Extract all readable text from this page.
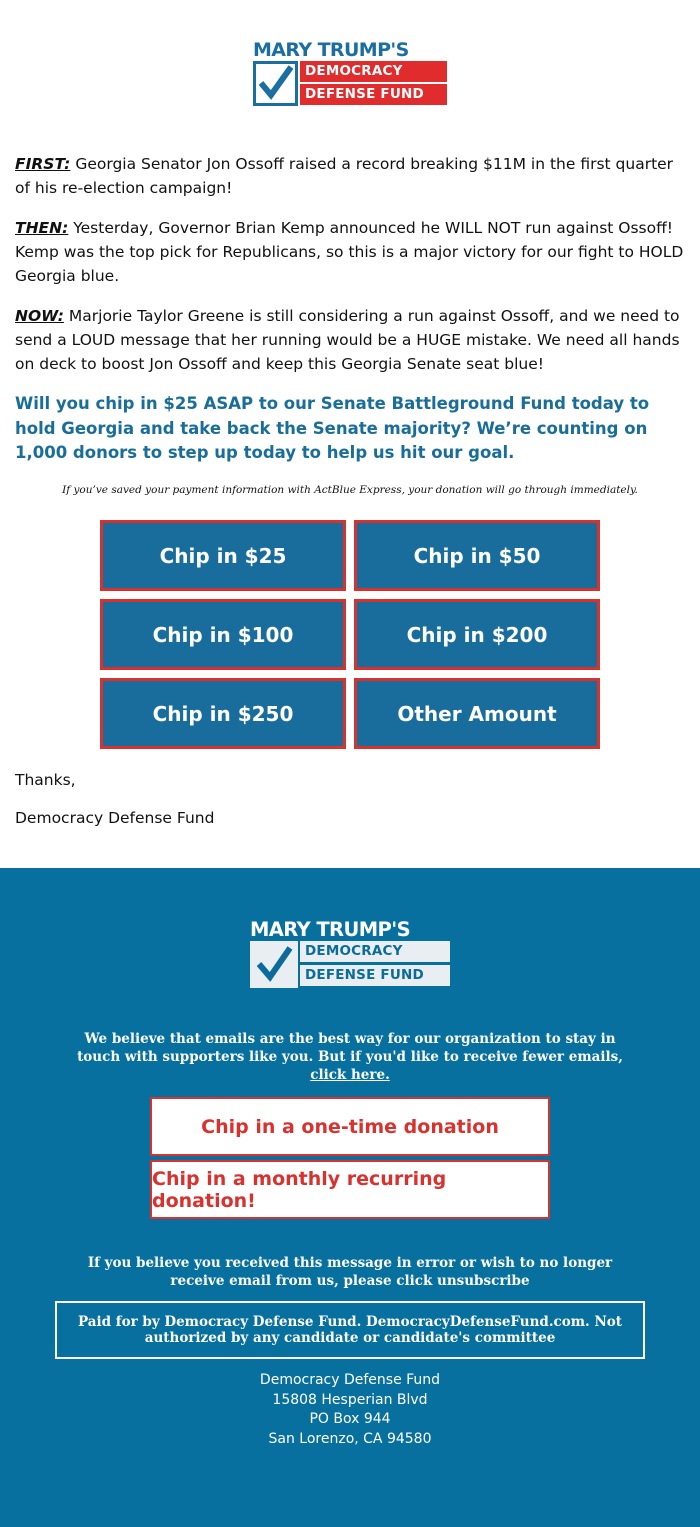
MARY TRUMP'S
DEMOCRACY
DEFENSE FUND

FIRST: Georgia Senator Jon Ossoff raised a record breaking $11M in the first quarter of his re-election campaign!

THEN: Yesterday, Governor Brian Kemp announced he WILL NOT run against Ossoff! Kemp was the top pick for Republicans, so this is a major victory for our fight to HOLD Georgia blue.

NOW: Marjorie Taylor Greene is still considering a run against Ossoff, and we need to send a LOUD message that her running would be a HUGE mistake. We need all hands on deck to boost Jon Ossoff and keep this Georgia Senate seat blue!

Will you chip in $25 ASAP to our Senate Battleground Fund today to hold Georgia and take back the Senate majority? We’re counting on 1,000 donors to step up today to help us hit our goal.

If you’ve saved your payment information with ActBlue Express, your donation will go through immediately.

Chip in $25	Chip in $50
Chip in $100	Chip in $200
Chip in $250	Other Amount

Thanks,

Democracy Defense Fund

MARY TRUMP'S
DEMOCRACY
DEFENSE FUND
We believe that emails are the best way for our organization to stay in touch with supporters like you. But if you'd like to receive fewer emails,
click here.
Chip in a one-time donation
Chip in a monthly recurring donation!
If you believe you received this message in error or wish to no longer receive email from us, please click unsubscribe
Paid for by Democracy Defense Fund. DemocracyDefenseFund.com. Not authorized by any candidate or candidate's committee
Democracy Defense Fund
15808 Hesperian Blvd
PO Box 944
San Lorenzo, CA 94580
